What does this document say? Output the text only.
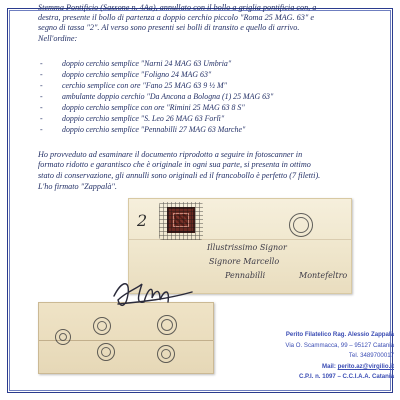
Stemma Pontificio (Sassone n. 4Aa), annullato con il bollo a griglia pontificia con, a

destra, presente il bollo di partenza a doppio cerchio piccolo "Roma 25 MAG. 63" e

segno di tassa "2". Al verso sono presenti sei bolli di transito e quello di arrivo.

Nell'ordine:

-	doppio cerchio semplice "Narni 24 MAG 63 Umbria"
-	doppio cerchio semplice "Foligno 24 MAG 63"
-	cerchio semplice con ore "Fano 25 MAG 63 9 ½ M"
-	ambulante doppio cerchio "Da Ancona a Bologna (1) 25 MAG 63"
-	doppio cerchio semplice con ore "Rimini 25 MAG 63 8 S"
-	doppio cerchio semplice "S. Leo 26 MAG 63 Forlì"
-	doppio cerchio semplice "Pennabilli 27 MAG 63 Marche"

Ho provveduto ad esaminare il documento riprodotto a seguire in fotoscanner in

formato ridotto e garantisco che è originale in ogni sua parte, si presenta in ottimo

stato di conservazione, gli annulli sono originali ed il francobollo è perfetto (7 filetti).

L'ho firmato "Zappalà".
2
Illustrissimo Signor
Signore Marcello
Pennabilli	Montefeltro
Perito Filatelico Rag. Alessio Zappalà
Via O. Scammacca, 99 – 95127 Catania
Tel. 3489700017
Mail: perito.az@virgilio.it
C.P.I. n. 1097 – C.C.I.A.A. Catania
